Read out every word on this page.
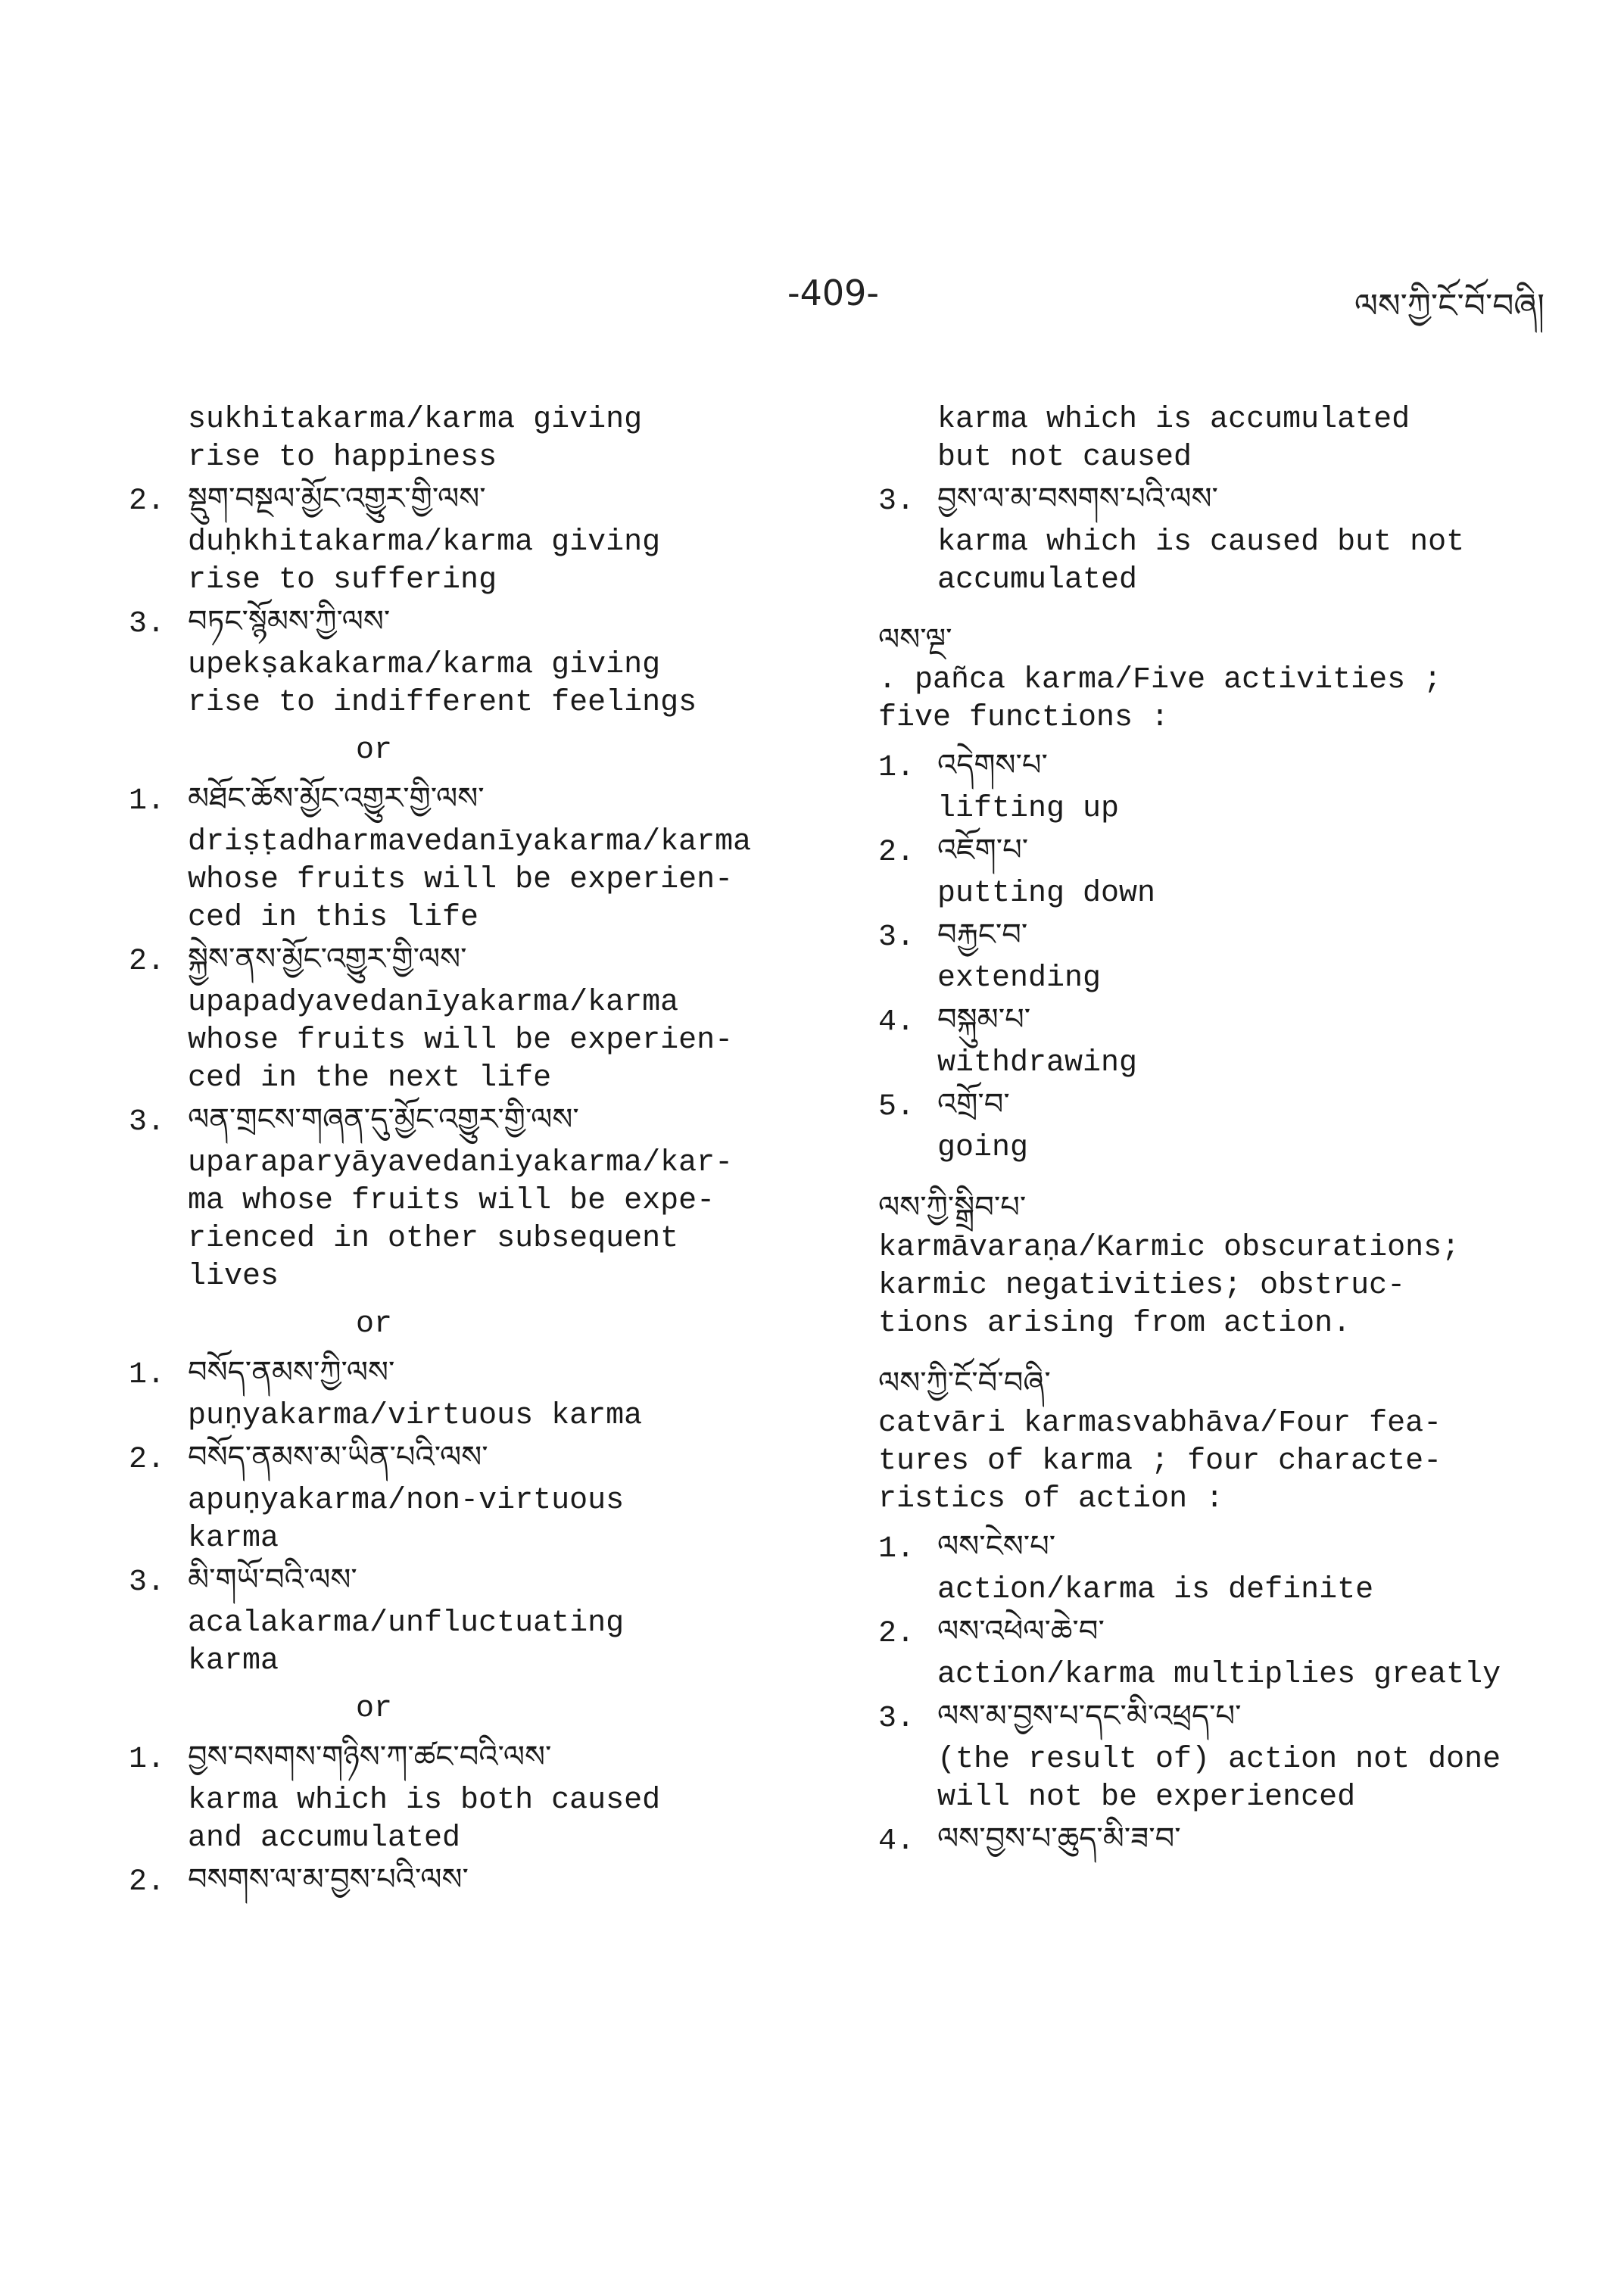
-409-	ལས་ཀྱི་ངོ་བོ་བཞི།
sukhitakarma/karma giving
rise to happiness
2. སྡུག་བསྔལ་མྱོང་འགྱུར་གྱི་ལས་
duḥkhitakarma/karma giving
rise to suffering
3. བཏང་སྙོམས་ཀྱི་ལས་
upekṣakakarma/karma giving
rise to indifferent feelings
or
1. མཐོང་ཆོས་མྱོང་འགྱུར་གྱི་ལས་
driṣṭadharmavedanīyakarma/karma
whose fruits will be experien-
ced in this life
2. སྐྱེས་ནས་མྱོང་འགྱུར་གྱི་ལས་
upapadyavedanīyakarma/karma
whose fruits will be experien-
ced in the next life
3. ལན་གྲངས་གཞན་དུ་མྱོང་འགྱུར་གྱི་ལས་
uparaparyāyavedaniyakarma/kar-
ma whose fruits will be expe-
rienced in other subsequent
lives
or
1. བསོད་ནམས་ཀྱི་ལས་
puṇyakarma/virtuous karma
2. བསོད་ནམས་མ་ཡིན་པའི་ལས་
apuṇyakarma/non-virtuous
karma
3. མི་གཡོ་བའི་ལས་
acalakarma/unfluctuating
karma
or
1. བྱས་བསགས་གཉིས་ཀ་ཚང་བའི་ལས་
karma which is both caused
and accumulated
2. བསགས་ལ་མ་བྱས་པའི་ལས་
karma which is accumulated
but not caused
3. བྱས་ལ་མ་བསགས་པའི་ལས་
karma which is caused but not
accumulated
ལས་ལྔ་
. pañca karma/Five activities ;
five functions :
1. འདེགས་པ་
lifting up
2. འཇོག་པ་
putting down
3. བརྐྱང་བ་
extending
4. བསྐུམ་པ་
withdrawing
5. འགྲོ་བ་
going
ལས་ཀྱི་སྒྲིབ་པ་
karmāvaraṇa/Karmic obscurations;
karmic negativities; obstruc-
tions arising from action.
ལས་ཀྱི་ངོ་བོ་བཞི་
catvāri karmasvabhāva/Four fea-
tures of karma ; four characte-
ristics of action :
1. ལས་ངེས་པ་
action/karma is definite
2. ལས་འཕེལ་ཆེ་བ་
action/karma multiplies greatly
3. ལས་མ་བྱས་པ་དང་མི་འཕྲད་པ་
(the result of) action not done
will not be experienced
4. ལས་བྱས་པ་ཆུད་མི་ཟ་བ་
